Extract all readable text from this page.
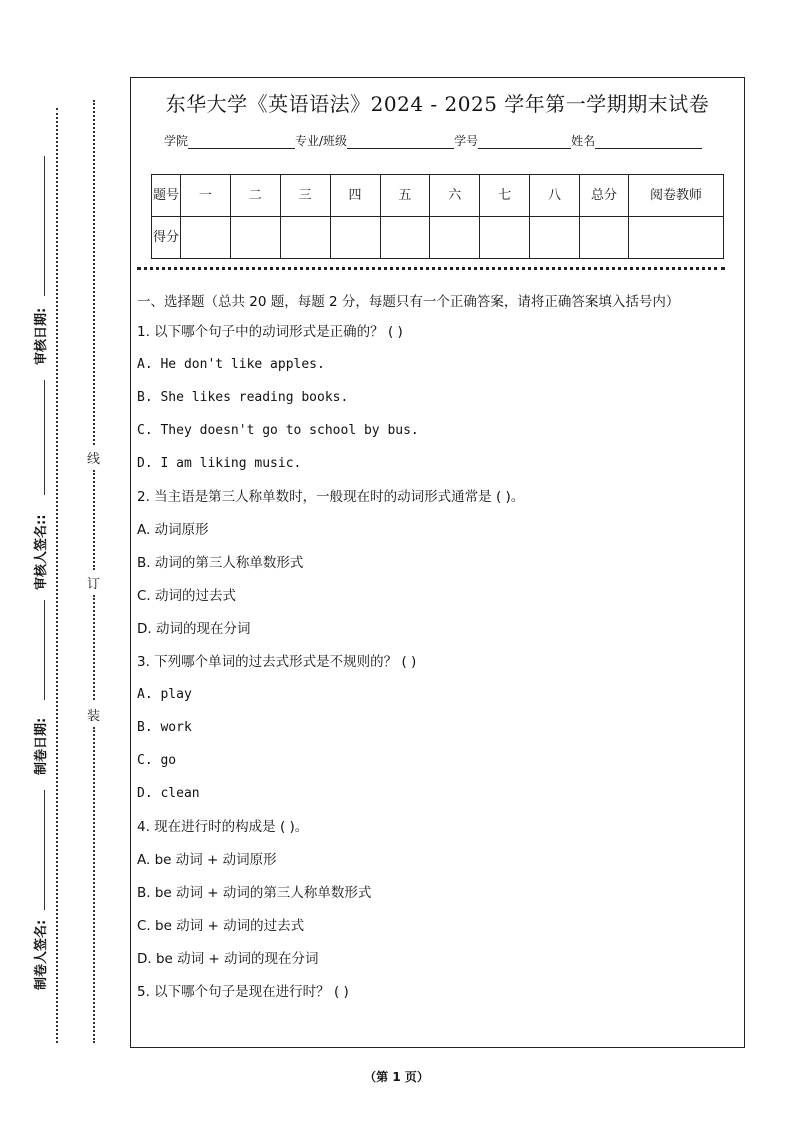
审核日期:
审核人签名::
制卷日期:
制卷人签名:
线
订
装
东华大学《英语语法》2024 - 2025 学年第一学期期末试卷
学院	专业/班级	学号	姓名
题号	一	二	三	四	五	六	七	八	总分	阅卷教师
得分										
一、选择题（总共 20 题，每题 2 分，每题只有一个正确答案，请将正确答案填入括号内）
1. 以下哪个句子中的动词形式是正确的？ ( )
A. He don't like apples.
B. She likes reading books.
C. They doesn't go to school by bus.
D. I am liking music.
2. 当主语是第三人称单数时，一般现在时的动词形式通常是 ( )。
A. 动词原形
B. 动词的第三人称单数形式
C. 动词的过去式
D. 动词的现在分词
3. 下列哪个单词的过去式形式是不规则的？ ( )
A. play
B. work
C. go
D. clean
4. 现在进行时的构成是 ( )。
A. be 动词 + 动词原形
B. be 动词 + 动词的第三人称单数形式
C. be 动词 + 动词的过去式
D. be 动词 + 动词的现在分词
5. 以下哪个句子是现在进行时？ ( )
（第 1 页）
